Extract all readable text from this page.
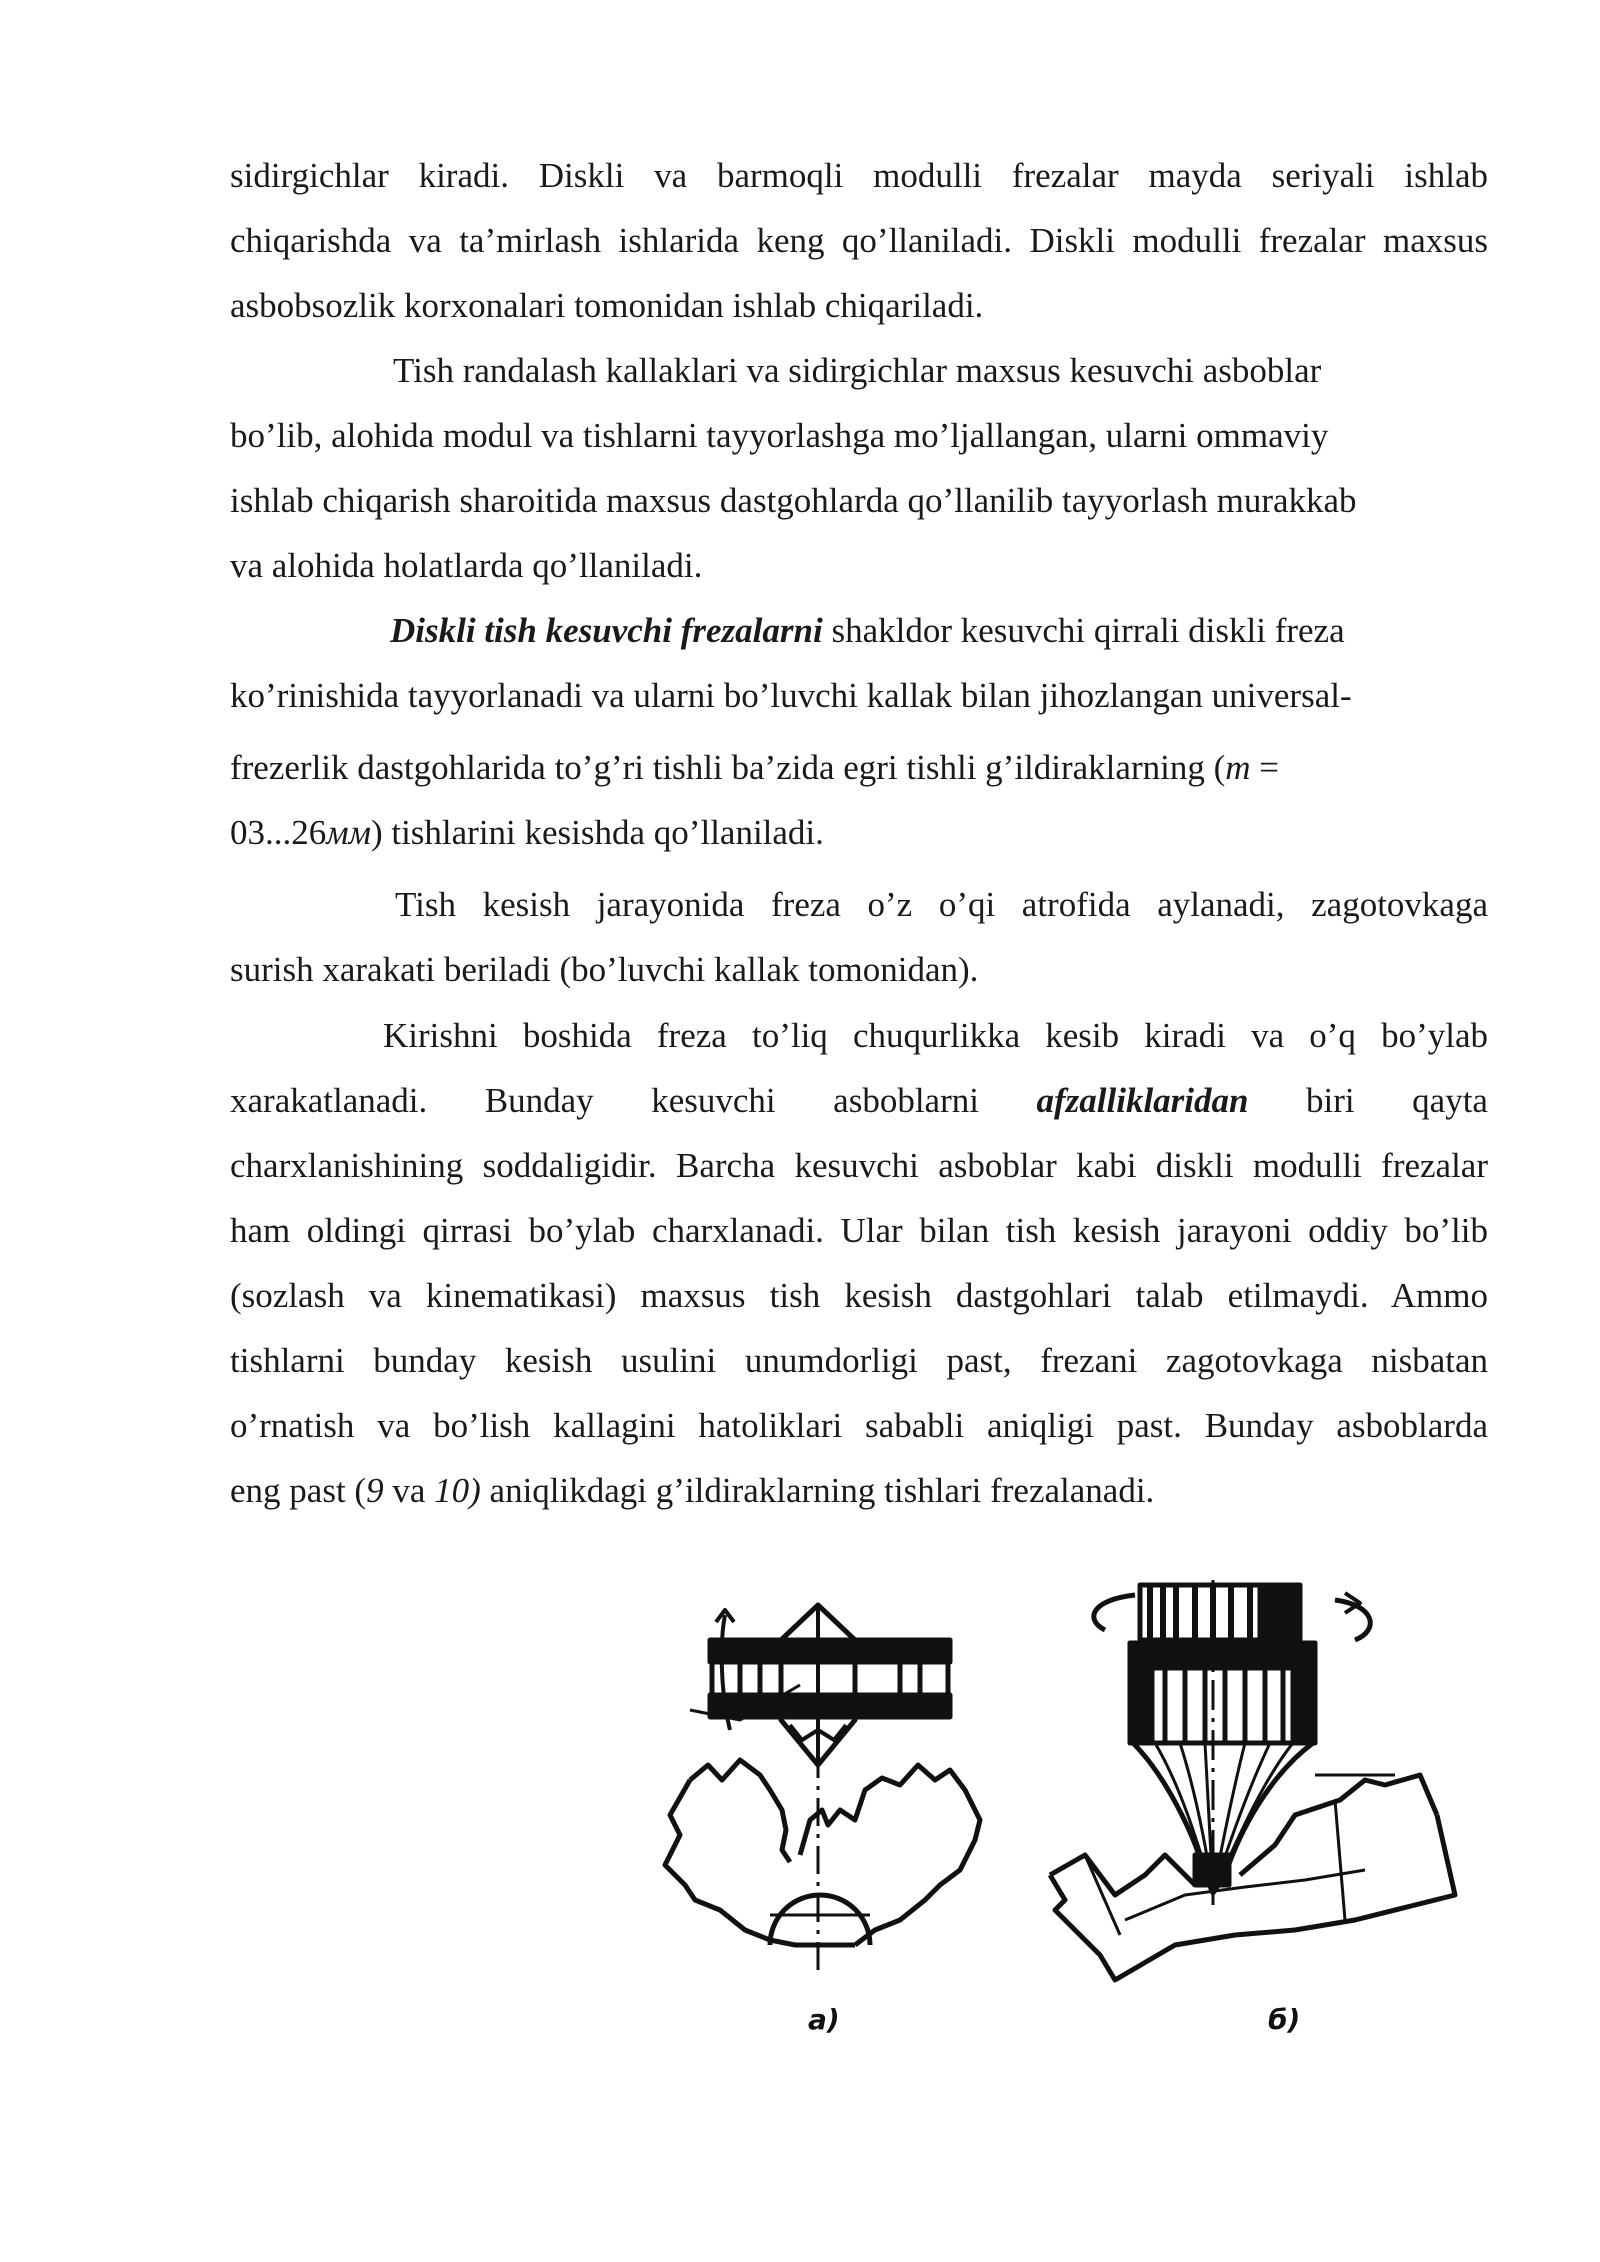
sidirgichlar kiradi. Diskli va barmoqli modulli frezalar mayda seriyali ishlab
chiqarishda va ta’mirlash ishlarida keng qo’llaniladi. Diskli modulli frezalar maxsus
asbobsozlik korxonalari tomonidan ishlab chiqariladi.
Tish randalash kallaklari va sidirgichlar maxsus kesuvchi asboblar
bo’lib, alohida modul va tishlarni tayyorlashga mo’ljallangan, ularni ommaviy
ishlab chiqarish sharoitida maxsus dastgohlarda qo’llanilib tayyorlash murakkab
va alohida holatlarda qo’llaniladi.
Diskli tish kesuvchi frezalarni shakldor kesuvchi qirrali diskli freza
ko’rinishida tayyorlanadi va ularni bo’luvchi kallak bilan jihozlangan universal-
frezerlik dastgohlarida to’g’ri tishli ba’zida egri tishli g’ildiraklarning (m =
03...26мм) tishlarini kesishda qo’llaniladi.
Tish kesish jarayonida freza o’z o’qi atrofida aylanadi, zagotovkaga
surish xarakati beriladi (bo’luvchi kallak tomonidan).
Kirishni boshida freza to’liq chuqurlikka kesib kiradi va o’q bo’ylab
xarakatlanadi. Bunday kesuvchi asboblarni afzalliklaridan biri qayta
charxlanishining soddaligidir. Barcha kesuvchi asboblar kabi diskli modulli frezalar
ham oldingi qirrasi bo’ylab charxlanadi. Ular bilan tish kesish jarayoni oddiy bo’lib
(sozlash va kinematikasi) maxsus tish kesish dastgohlari talab etilmaydi. Ammo
tishlarni bunday kesish usulini unumdorligi past, frezani zagotovkaga nisbatan
o’rnatish va bo’lish kallagini hatoliklari sababli aniqligi past. Bunday asboblarda
eng past (9 va 10) aniqlikdagi g’ildiraklarning tishlari frezalanadi.
a)	б)
